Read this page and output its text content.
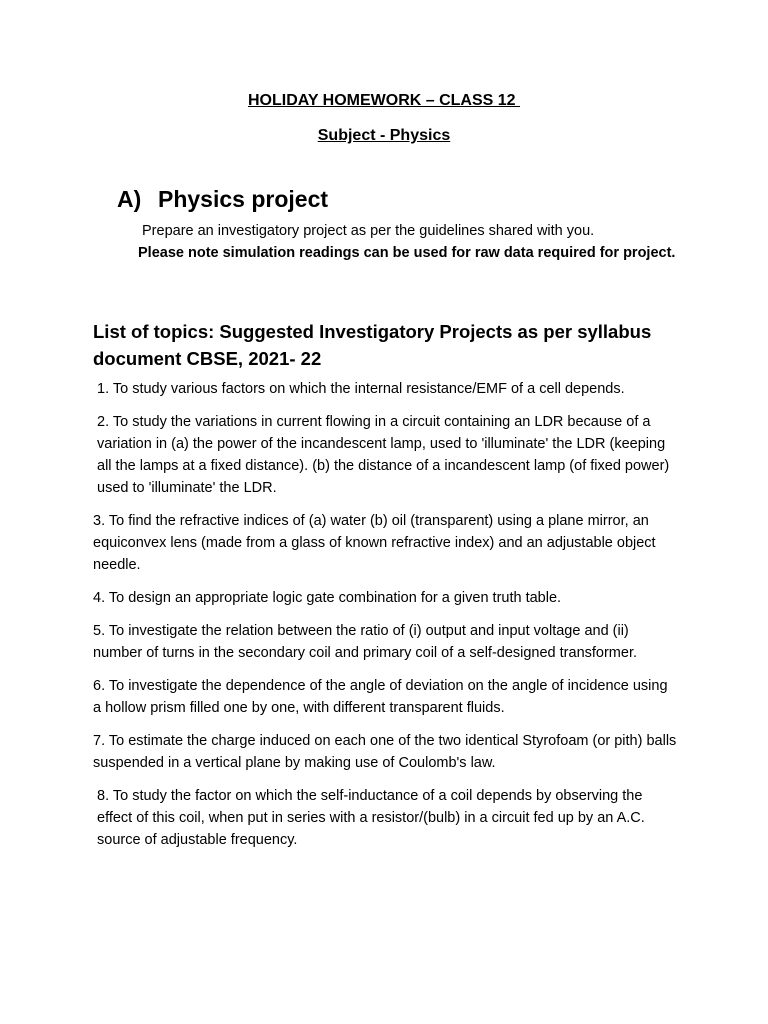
HOLIDAY HOMEWORK – CLASS 12
Subject - Physics
A) Physics project
Prepare an investigatory project as per the guidelines shared with you.
Please note simulation readings can be used for raw data required for project.
List of topics: Suggested Investigatory Projects as per syllabus document CBSE, 2021- 22
1. To study various factors on which the internal resistance/EMF of a cell depends.
2. To study the variations in current flowing in a circuit containing an LDR because of a variation in (a) the power of the incandescent lamp, used to 'illuminate' the LDR (keeping all the lamps at a fixed distance). (b) the distance of a incandescent lamp (of fixed power) used to 'illuminate' the LDR.
3. To find the refractive indices of (a) water (b) oil (transparent) using a plane mirror, an equiconvex lens (made from a glass of known refractive index) and an adjustable object needle.
4. To design an appropriate logic gate combination for a given truth table.
5. To investigate the relation between the ratio of (i) output and input voltage and (ii) number of turns in the secondary coil and primary coil of a self-designed transformer.
6. To investigate the dependence of the angle of deviation on the angle of incidence using a hollow prism filled one by one, with different transparent fluids.
7. To estimate the charge induced on each one of the two identical Styrofoam (or pith) balls suspended in a vertical plane by making use of Coulomb's law.
8. To study the factor on which the self-inductance of a coil depends by observing the effect of this coil, when put in series with a resistor/(bulb) in a circuit fed up by an A.C. source of adjustable frequency.
